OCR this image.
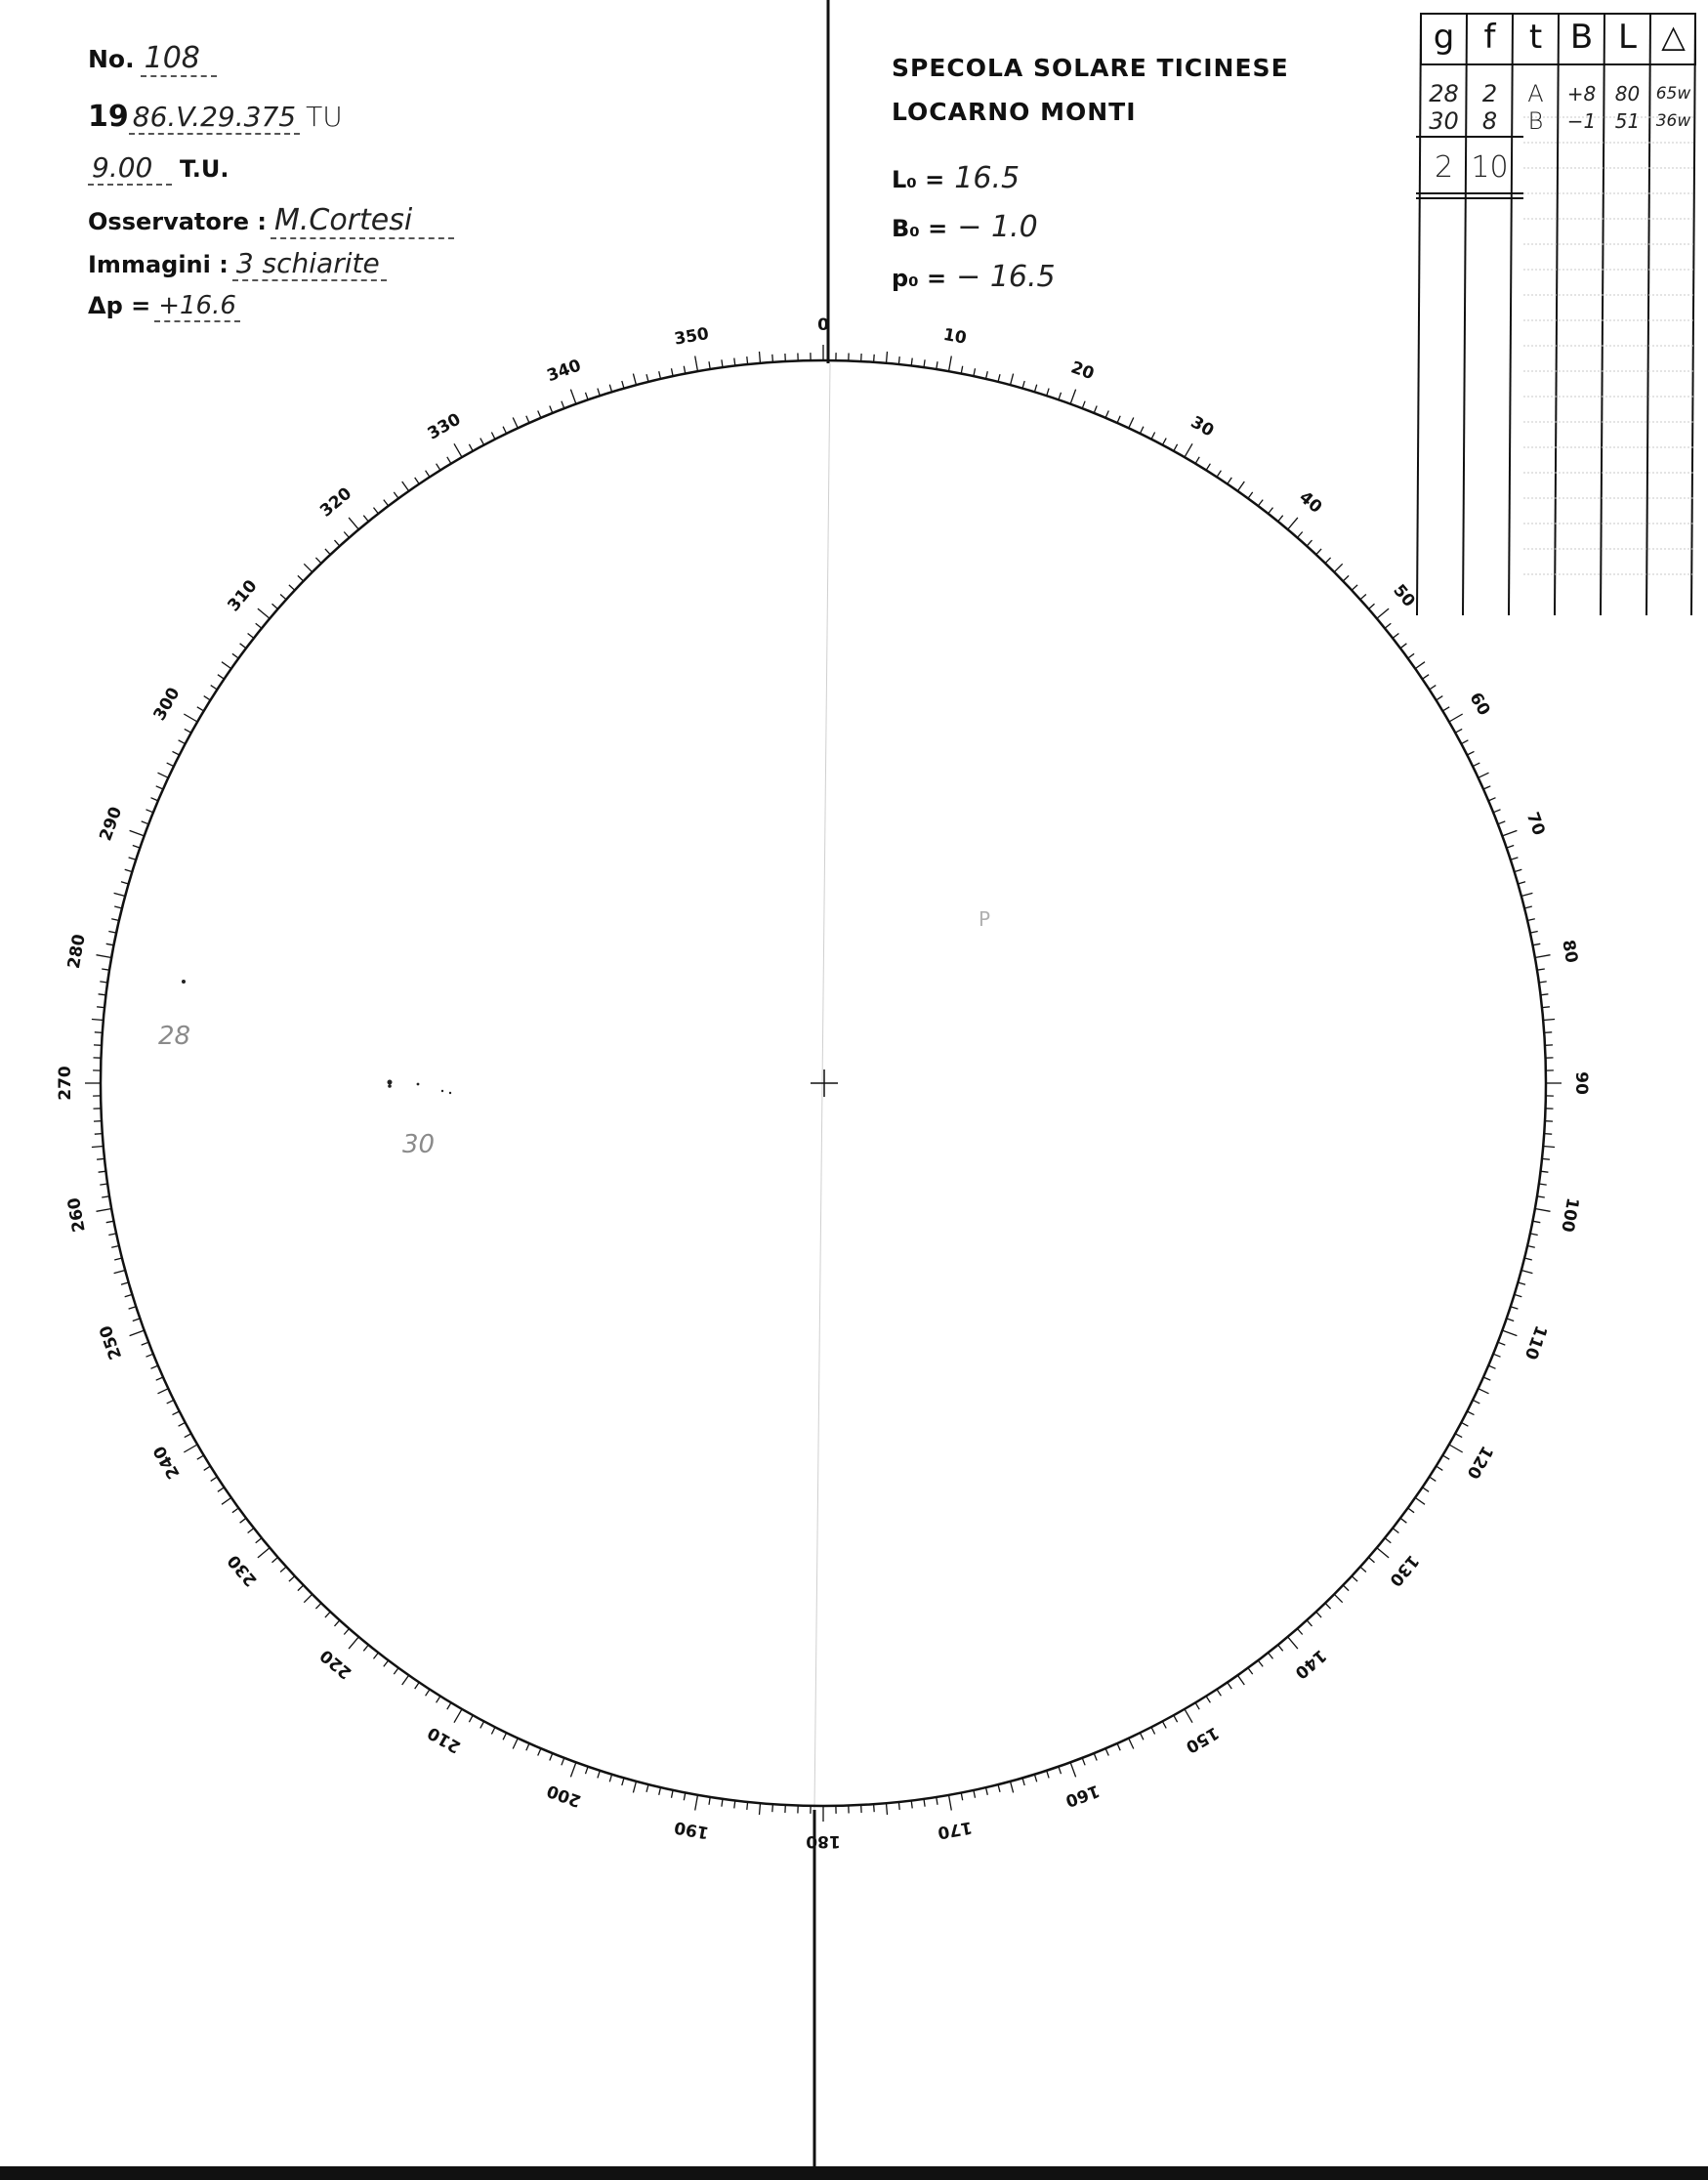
No. 108
19 86.V.29.375 TU
9.00	T.U.
Osservatore : M.Cortesi
Immagini : 3 schiarite
Δp = +16.6
SPECOLA SOLARE TICINESE
LOCARNO MONTI
L₀ = 16.5
B₀ = − 1.0
p₀ = − 16.5
g f	t B L △
28	2	A	+8 80 65w
30	8	B	−1 51 36w
2 10
0	10
20
30
40
50
60
70
80
90
100
110
120
130
140
150
160
170
180
190
200
210
220
230
240
250
260
270
280
290
300
310
320
330
340
350
28
30
P
